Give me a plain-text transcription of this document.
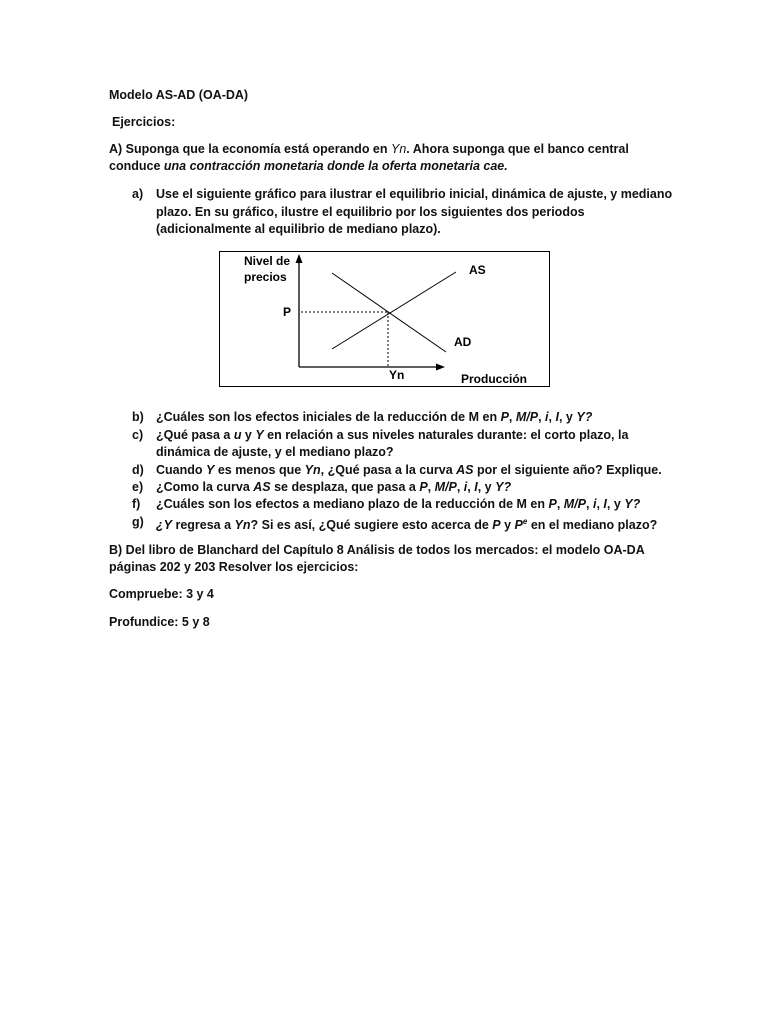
Modelo AS-AD (OA-DA)
Ejercicios:
A) Suponga que la economía está operando en Yn. Ahora suponga que el banco central
conduce una contracción monetaria donde la oferta monetaria cae.
a) Use el siguiente gráfico para ilustrar el equilibrio inicial, dinámica de ajuste, y mediano
plazo. En su gráfico, ilustre el equilibrio por los siguientes dos periodos
(adicionalmente al equilibrio de mediano plazo).
Nivel de
precios	AS
AD
P
Yn	Producción
b) ¿Cuáles son los efectos iniciales de la reducción de M en P, M/P, i, I, y Y?
c) ¿Qué pasa a u y Y en relación a sus niveles naturales durante: el corto plazo, la
dinámica de ajuste, y el mediano plazo?
d) Cuando Y es menos que Yn, ¿Qué pasa a la curva AS por el siguiente año? Explique.
e) ¿Como la curva AS se desplaza, que pasa a P, M/P, i, I, y Y?
f) ¿Cuáles son los efectos a mediano plazo de la reducción de M en P, M/P, i, I, y Y?
g) ¿Y regresa a Yn? Si es así, ¿Qué sugiere esto acerca de P y $P^e$ en el mediano plazo?
B) Del libro de Blanchard del Capítulo 8 Análisis de todos los mercados: el modelo OA-DA
páginas 202 y 203 Resolver los ejercicios:
Compruebe: 3 y 4
Profundice: 5 y 8
